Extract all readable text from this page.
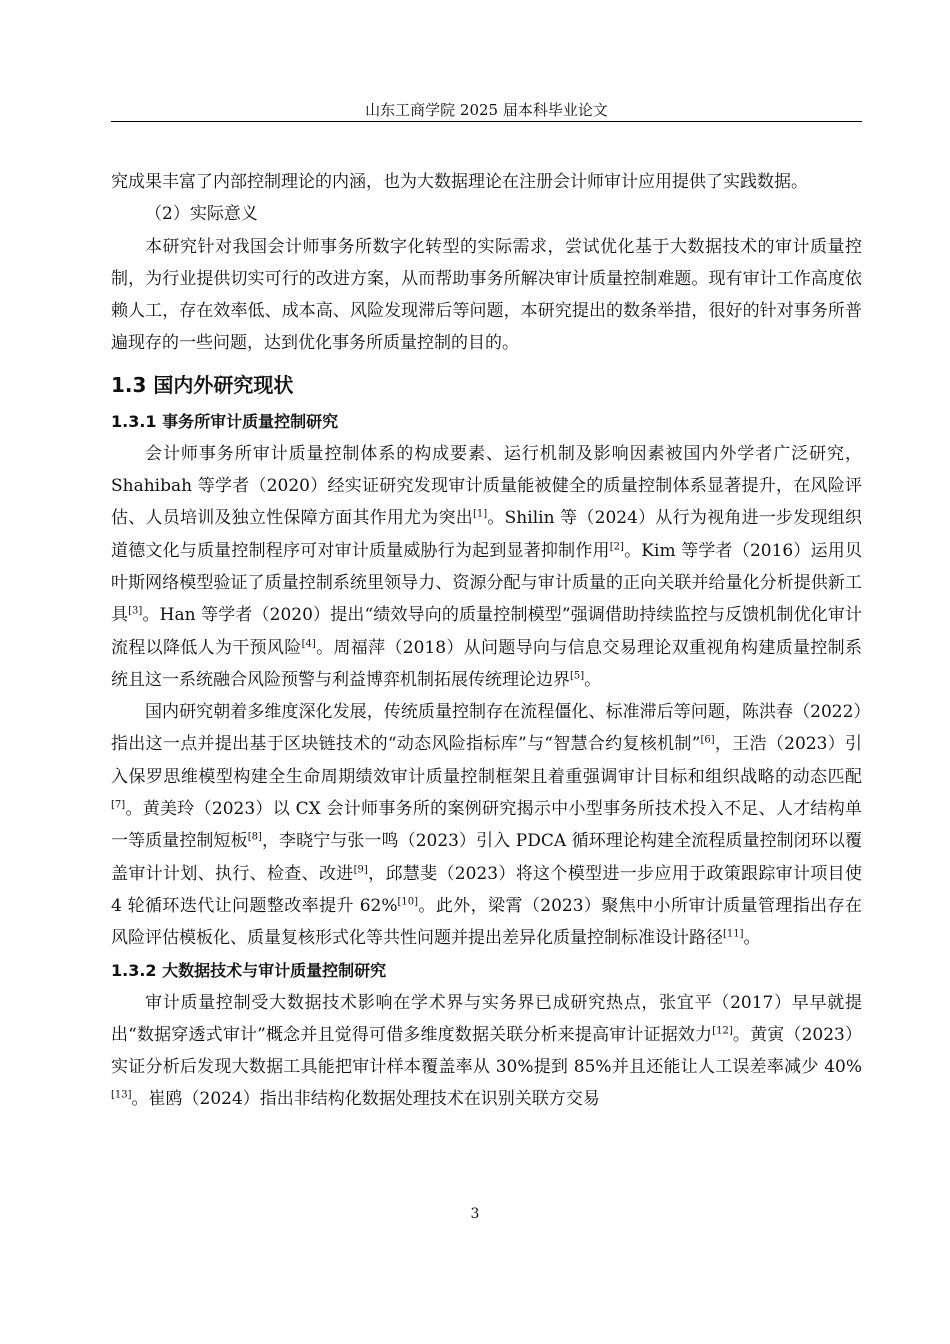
山东工商学院 2025 届本科毕业论文

究成果丰富了内部控制理论的内涵，也为大数据理论在注册会计师审计应用提供了实践数据。

（2）实际意义

本研究针对我国会计师事务所数字化转型的实际需求，尝试优化基于大数据技术的审计质量控制，为行业提供切实可行的改进方案，从而帮助事务所解决审计质量控制难题。现有审计工作高度依赖人工，存在效率低、成本高、风险发现滞后等问题，本研究提出的数条举措，很好的针对事务所普遍现存的一些问题，达到优化事务所质量控制的目的。

1.3 国内外研究现状
1.3.1 事务所审计质量控制研究

会计师事务所审计质量控制体系的构成要素、运行机制及影响因素被国内外学者广泛研究，Shahibah 等学者（2020）经实证研究发现审计质量能被健全的质量控制体系显著提升，在风险评估、人员培训及独立性保障方面其作用尤为突出[1]。Shilin 等（2024）从行为视角进一步发现组织道德文化与质量控制程序可对审计质量威胁行为起到显著抑制作用[2]。Kim 等学者（2016）运用贝叶斯网络模型验证了质量控制系统里领导力、资源分配与审计质量的正向关联并给量化分析提供新工具[3]。Han 等学者（2020）提出“绩效导向的质量控制模型”强调借助持续监控与反馈机制优化审计流程以降低人为干预风险[4]。周福萍（2018）从问题导向与信息交易理论双重视角构建质量控制系统且这一系统融合风险预警与利益博弈机制拓展传统理论边界[5]。

国内研究朝着多维度深化发展，传统质量控制存在流程僵化、标准滞后等问题，陈洪春（2022）指出这一点并提出基于区块链技术的“动态风险指标库”与“智慧合约复核机制”[6]，王浩（2023）引入保罗思维模型构建全生命周期绩效审计质量控制框架且着重强调审计目标和组织战略的动态匹配[7]。黄美玲（2023）以 CX 会计师事务所的案例研究揭示中小型事务所技术投入不足、人才结构单一等质量控制短板[8]，李晓宁与张一鸣（2023）引入 PDCA 循环理论构建全流程质量控制闭环以覆盖审计计划、执行、检查、改进[9]，邱慧斐（2023）将这个模型进一步应用于政策跟踪审计项目使 4 轮循环迭代让问题整改率提升 62%[10]。此外，梁霄（2023）聚焦中小所审计质量管理指出存在风险评估模板化、质量复核形式化等共性问题并提出差异化质量控制标准设计路径[11]。

1.3.2 大数据技术与审计质量控制研究

审计质量控制受大数据技术影响在学术界与实务界已成研究热点，张宜平（2017）早早就提出“数据穿透式审计”概念并且觉得可借多维度数据关联分析来提高审计证据效力[12]。黄寅（2023）实证分析后发现大数据工具能把审计样本覆盖率从 30%提到 85%并且还能让人工误差率减少 40%[13]。崔鸥（2024）指出非结构化数据处理技术在识别关联方交易

3
